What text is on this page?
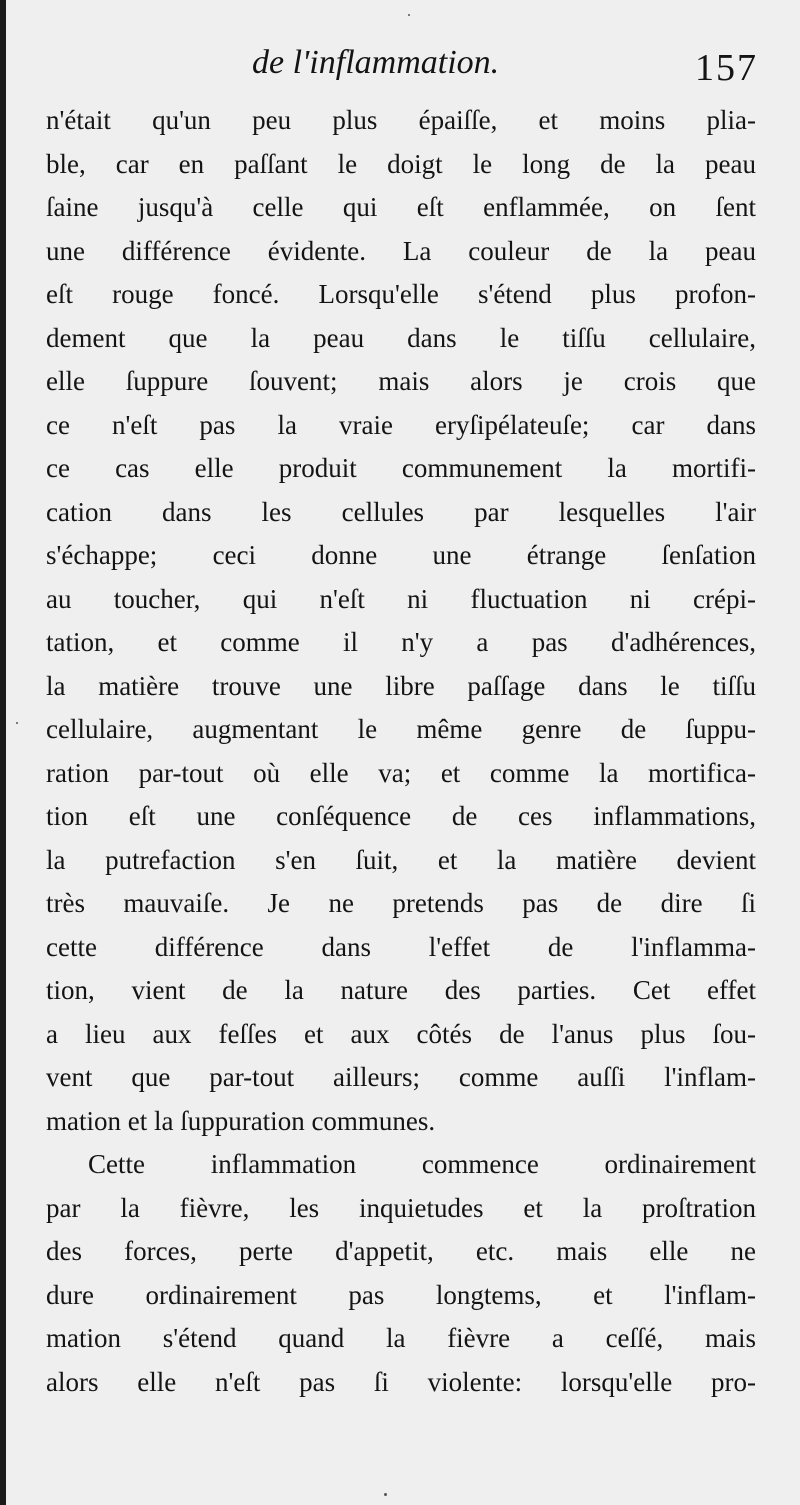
de l'inflammation.	157
n'était qu'un peu plus épaiſſe, et moins plia-
ble, car en paſſant le doigt le long de la peau
ſaine jusqu'à celle qui eſt enflammée, on ſent
une différence évidente. La couleur de la peau
eſt rouge foncé. Lorsqu'elle s'étend plus profon-
dement que la peau dans le tiſſu cellulaire,
elle ſuppure ſouvent; mais alors je crois que
ce n'eſt pas la vraie eryſipélateuſe; car dans
ce cas elle produit communement la mortifi-
cation dans les cellules par lesquelles l'air
s'échappe; ceci donne une étrange ſenſation
au toucher, qui n'eſt ni fluctuation ni crépi-
tation, et comme il n'y a pas d'adhérences,
la matière trouve une libre paſſage dans le tiſſu
cellulaire, augmentant le même genre de ſuppu-
ration par-tout où elle va; et comme la mortifica-
tion eſt une conſéquence de ces inflammations,
la putrefaction s'en ſuit, et la matière devient
très mauvaiſe. Je ne pretends pas de dire ſi
cette différence dans l'effet de l'inflamma-
tion, vient de la nature des parties. Cet effet
a lieu aux feſſes et aux côtés de l'anus plus ſou-
vent que par-tout ailleurs; comme auſſi l'inflam-
mation et la ſuppuration communes.
Cette inflammation commence ordinairement
par la fièvre, les inquietudes et la proſtration
des forces, perte d'appetit, etc. mais elle ne
dure ordinairement pas longtems, et l'inflam-
mation s'étend quand la fièvre a ceſſé, mais
alors elle n'eſt pas ſi violente: lorsqu'elle pro-
